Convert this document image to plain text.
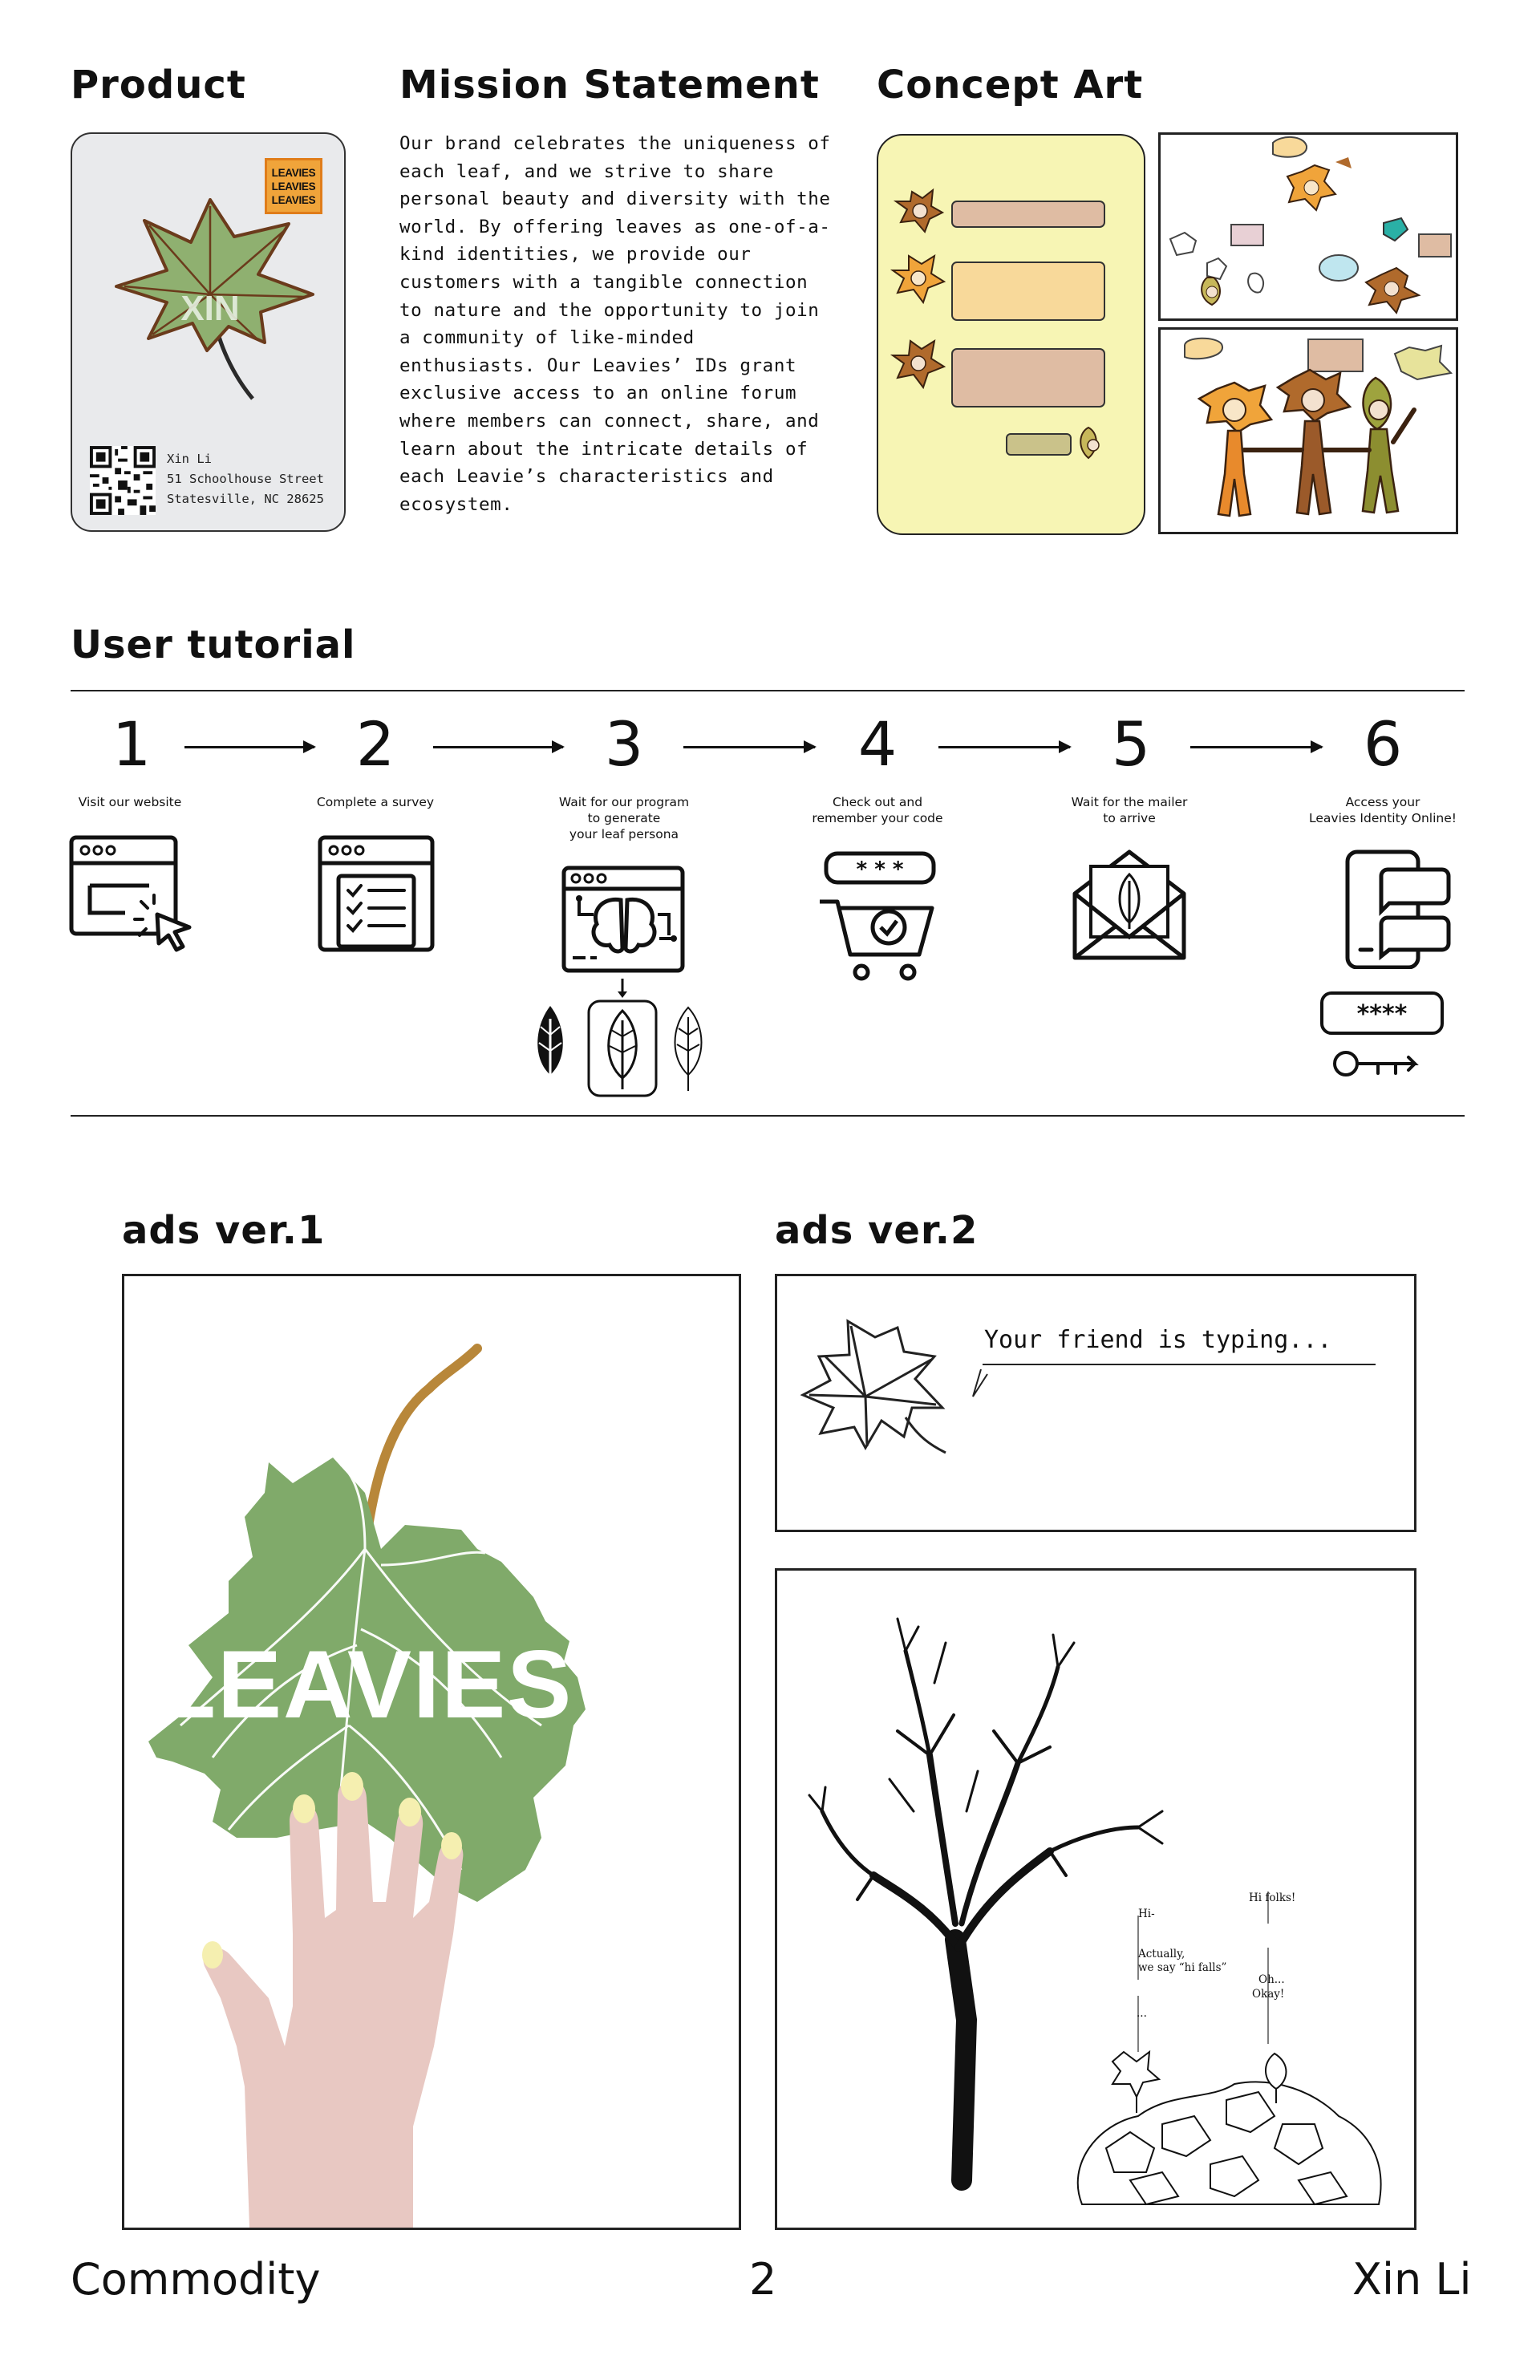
Product	Mission Statement Concept Art
LEAVIES
LEAVIES
LEAVIES
XIN
Xin Li
51 Schoolhouse Street
Statesville, NC 28625
Our brand celebrates the uniqueness of each leaf, and we strive to share personal beauty and diversity with the world. By offering leaves as one-of-a-kind identities, we provide our customers with a tangible connection to nature and the opportunity to join a community of like-minded enthusiasts. Our Leavies’ IDs grant exclusive access to an online forum where members can connect, share, and learn about the intricate details of each Leavie’s characteristics and ecosystem.
User tutorial
1	2	3	4	5	6
Visit our website	Complete a survey	Wait for our program
to generate
your leaf persona
Check out and
remember your code
Wait for the mailer
to arrive
Access your
Leavies Identity Online!
* * *
****
ads ver.1	ads ver.2
LEAVIES
Your friend is typing...
Hi folks!
Hi-
Actually,
we say “hi falls”
Oh...
Okay!
...
Commodity	2	Xin Li
